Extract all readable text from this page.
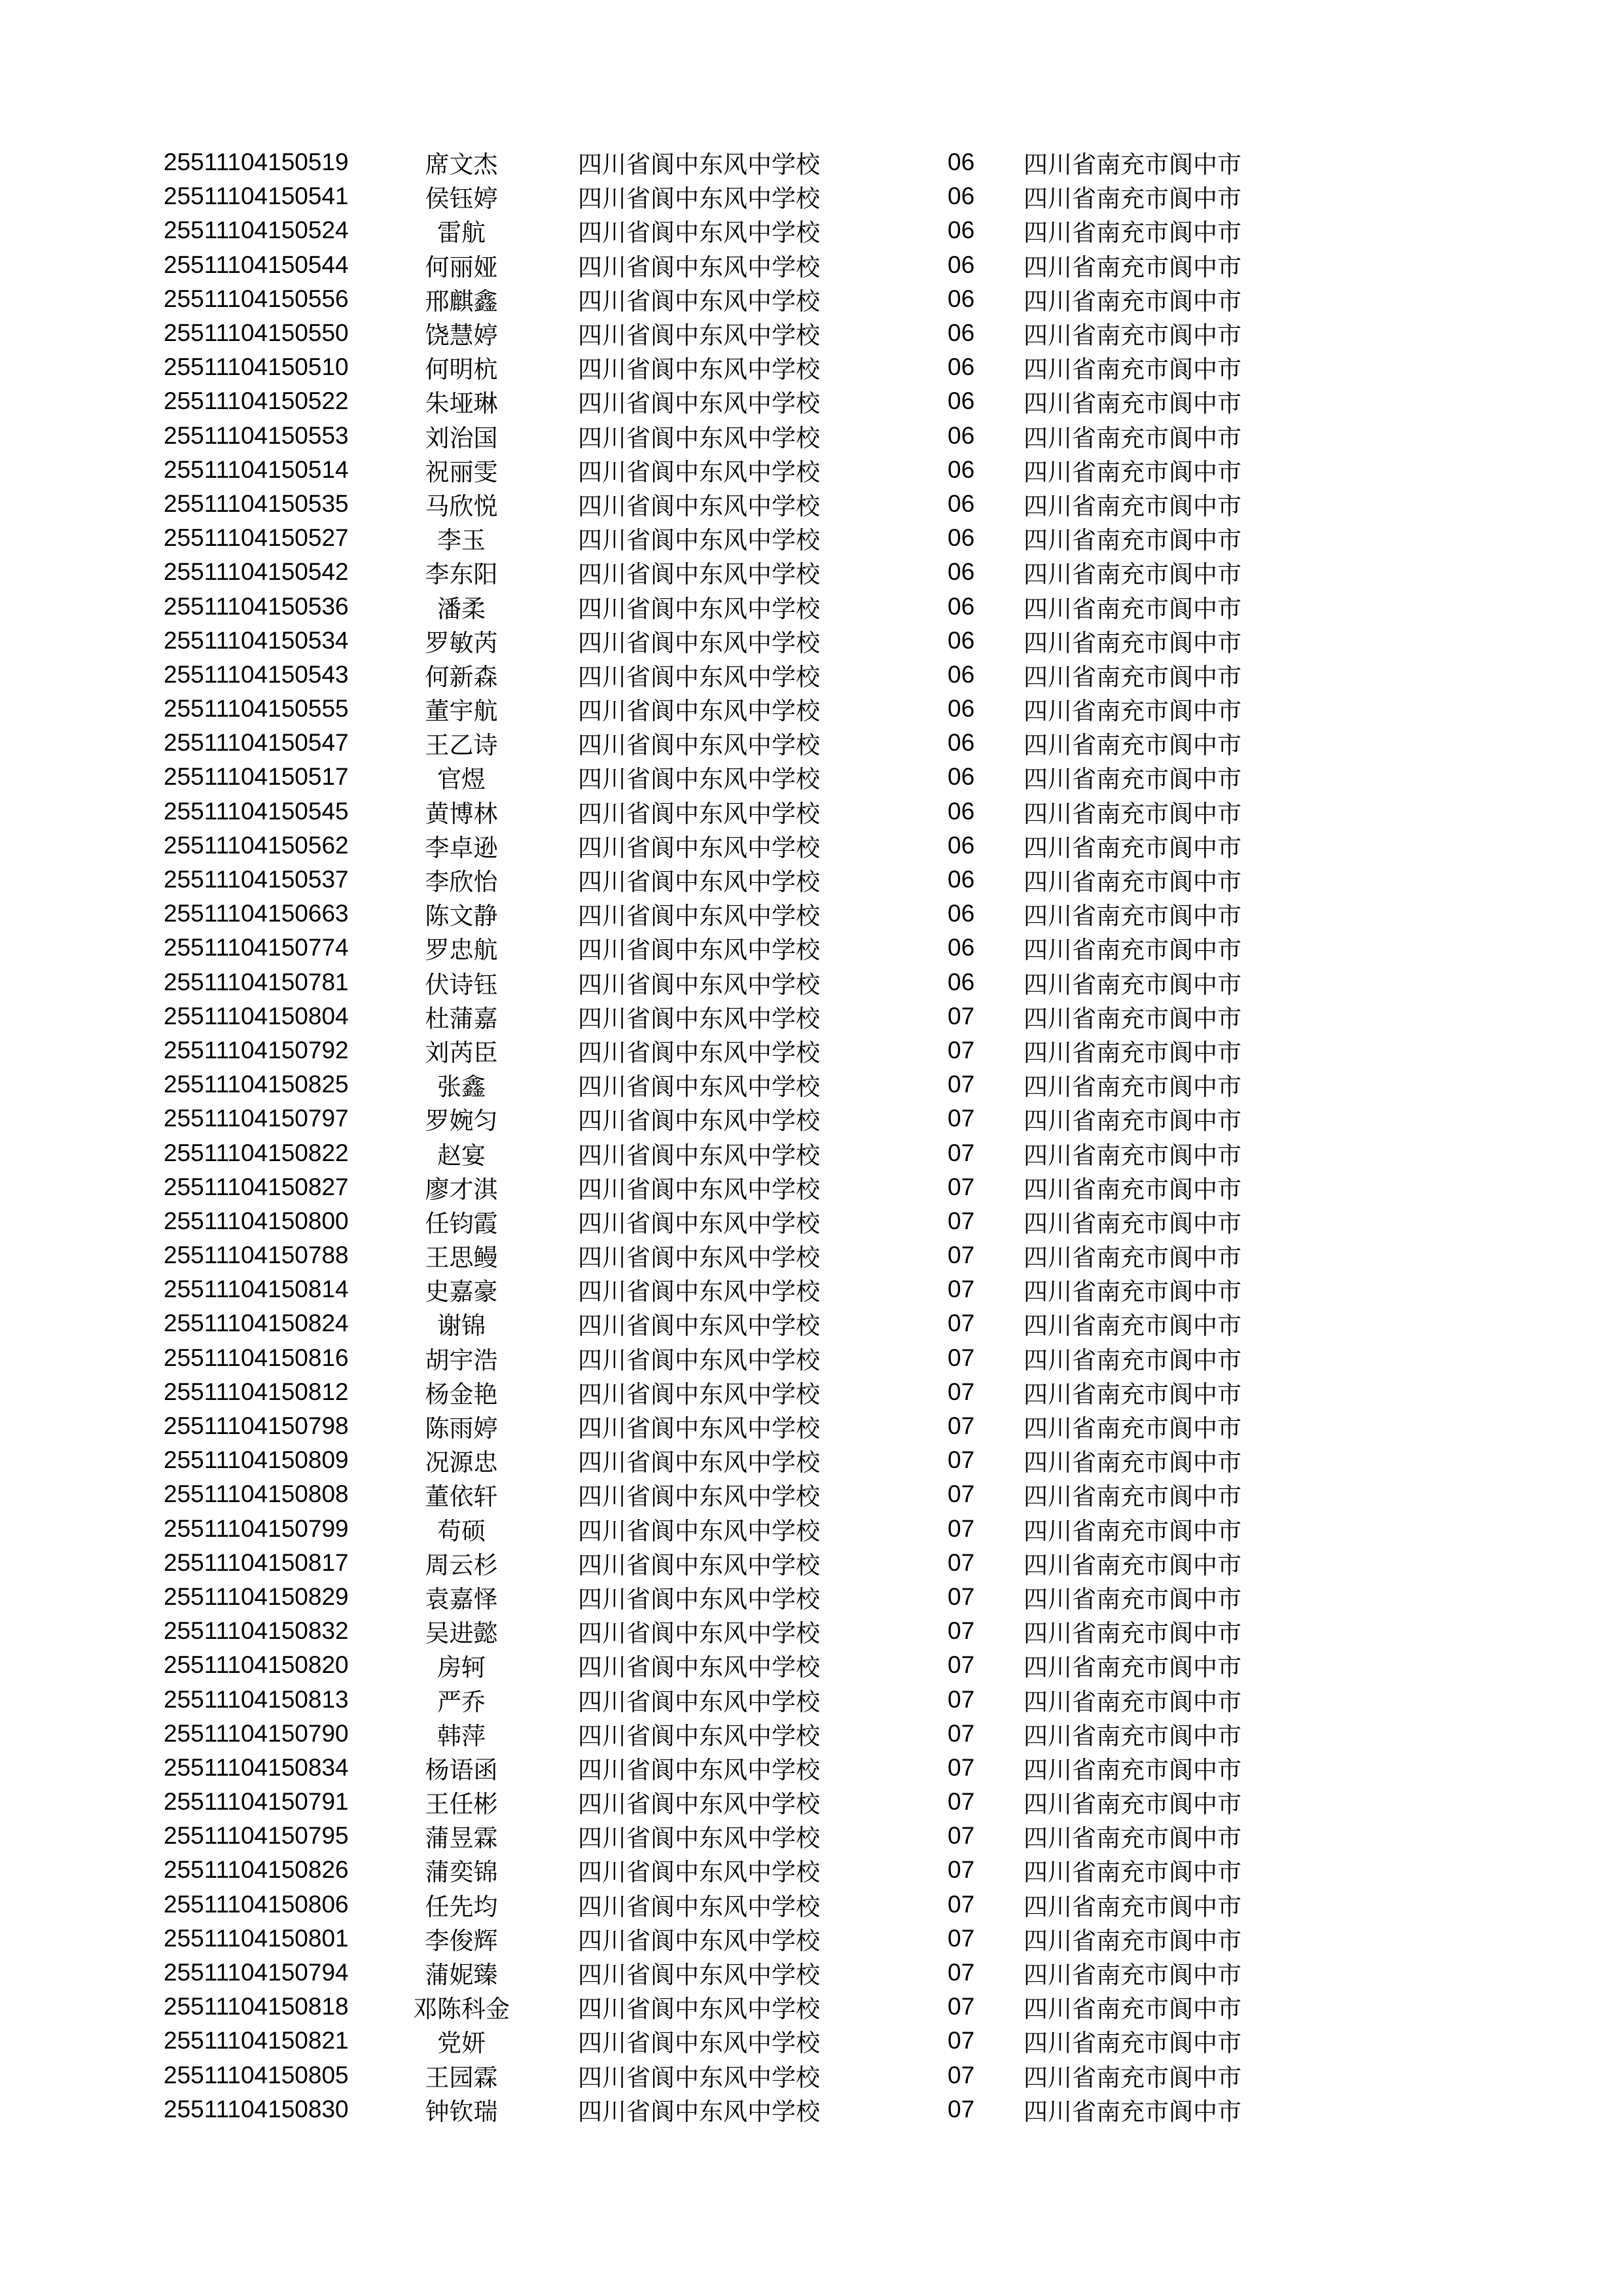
25511104150519	席文杰	四川省阆中东风中学校	06	四川省南充市阆中市
25511104150541	侯钰婷	四川省阆中东风中学校	06	四川省南充市阆中市
25511104150524	雷航	四川省阆中东风中学校	06	四川省南充市阆中市
25511104150544	何丽娅	四川省阆中东风中学校	06	四川省南充市阆中市
25511104150556	邢麒鑫	四川省阆中东风中学校	06	四川省南充市阆中市
25511104150550	饶慧婷	四川省阆中东风中学校	06	四川省南充市阆中市
25511104150510	何明杭	四川省阆中东风中学校	06	四川省南充市阆中市
25511104150522	朱垭琳	四川省阆中东风中学校	06	四川省南充市阆中市
25511104150553	刘治国	四川省阆中东风中学校	06	四川省南充市阆中市
25511104150514	祝丽雯	四川省阆中东风中学校	06	四川省南充市阆中市
25511104150535	马欣悦	四川省阆中东风中学校	06	四川省南充市阆中市
25511104150527	李玉	四川省阆中东风中学校	06	四川省南充市阆中市
25511104150542	李东阳	四川省阆中东风中学校	06	四川省南充市阆中市
25511104150536	潘柔	四川省阆中东风中学校	06	四川省南充市阆中市
25511104150534	罗敏芮	四川省阆中东风中学校	06	四川省南充市阆中市
25511104150543	何新森	四川省阆中东风中学校	06	四川省南充市阆中市
25511104150555	董宇航	四川省阆中东风中学校	06	四川省南充市阆中市
25511104150547	王乙诗	四川省阆中东风中学校	06	四川省南充市阆中市
25511104150517	官煜	四川省阆中东风中学校	06	四川省南充市阆中市
25511104150545	黄博林	四川省阆中东风中学校	06	四川省南充市阆中市
25511104150562	李卓逊	四川省阆中东风中学校	06	四川省南充市阆中市
25511104150537	李欣怡	四川省阆中东风中学校	06	四川省南充市阆中市
25511104150663	陈文静	四川省阆中东风中学校	06	四川省南充市阆中市
25511104150774	罗忠航	四川省阆中东风中学校	06	四川省南充市阆中市
25511104150781	伏诗钰	四川省阆中东风中学校	06	四川省南充市阆中市
25511104150804	杜蒲嘉	四川省阆中东风中学校	07	四川省南充市阆中市
25511104150792	刘芮臣	四川省阆中东风中学校	07	四川省南充市阆中市
25511104150825	张鑫	四川省阆中东风中学校	07	四川省南充市阆中市
25511104150797	罗婉匀	四川省阆中东风中学校	07	四川省南充市阆中市
25511104150822	赵宴	四川省阆中东风中学校	07	四川省南充市阆中市
25511104150827	廖才淇	四川省阆中东风中学校	07	四川省南充市阆中市
25511104150800	任钧霞	四川省阆中东风中学校	07	四川省南充市阆中市
25511104150788	王思鳗	四川省阆中东风中学校	07	四川省南充市阆中市
25511104150814	史嘉豪	四川省阆中东风中学校	07	四川省南充市阆中市
25511104150824	谢锦	四川省阆中东风中学校	07	四川省南充市阆中市
25511104150816	胡宇浩	四川省阆中东风中学校	07	四川省南充市阆中市
25511104150812	杨金艳	四川省阆中东风中学校	07	四川省南充市阆中市
25511104150798	陈雨婷	四川省阆中东风中学校	07	四川省南充市阆中市
25511104150809	况源忠	四川省阆中东风中学校	07	四川省南充市阆中市
25511104150808	董依轩	四川省阆中东风中学校	07	四川省南充市阆中市
25511104150799	苟硕	四川省阆中东风中学校	07	四川省南充市阆中市
25511104150817	周云杉	四川省阆中东风中学校	07	四川省南充市阆中市
25511104150829	袁嘉怿	四川省阆中东风中学校	07	四川省南充市阆中市
25511104150832	吴进懿	四川省阆中东风中学校	07	四川省南充市阆中市
25511104150820	房轲	四川省阆中东风中学校	07	四川省南充市阆中市
25511104150813	严乔	四川省阆中东风中学校	07	四川省南充市阆中市
25511104150790	韩萍	四川省阆中东风中学校	07	四川省南充市阆中市
25511104150834	杨语函	四川省阆中东风中学校	07	四川省南充市阆中市
25511104150791	王任彬	四川省阆中东风中学校	07	四川省南充市阆中市
25511104150795	蒲昱霖	四川省阆中东风中学校	07	四川省南充市阆中市
25511104150826	蒲奕锦	四川省阆中东风中学校	07	四川省南充市阆中市
25511104150806	任先均	四川省阆中东风中学校	07	四川省南充市阆中市
25511104150801	李俊辉	四川省阆中东风中学校	07	四川省南充市阆中市
25511104150794	蒲妮臻	四川省阆中东风中学校	07	四川省南充市阆中市
25511104150818	邓陈科金	四川省阆中东风中学校	07	四川省南充市阆中市
25511104150821	党妍	四川省阆中东风中学校	07	四川省南充市阆中市
25511104150805	王园霖	四川省阆中东风中学校	07	四川省南充市阆中市
25511104150830	钟钦瑞	四川省阆中东风中学校	07	四川省南充市阆中市
